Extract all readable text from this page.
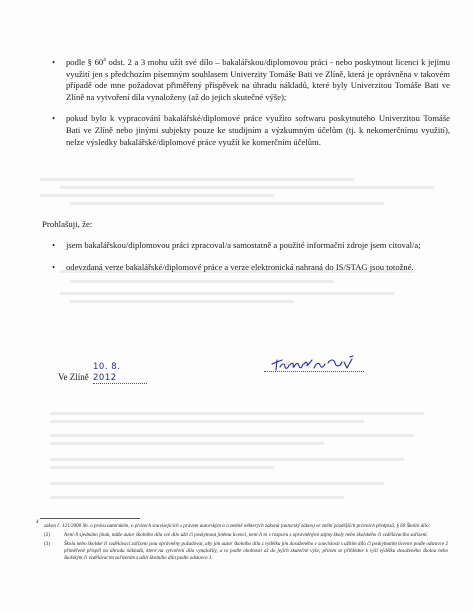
• podle § $60^4$ odst. 2 a 3 mohu užít své dílo – bakalářskou/diplomovou práci - nebo poskytnout licenci k jejímu využití jen s předchozím písemným souhlasem Univerzity Tomáše Bati ve Zlíně, která je oprávněna v takovém případě ode mne požadovat přiměřený příspěvek na úhradu nákladů, které byly Univerzitou Tomáše Bati ve Zlíně na vytvoření díla vynaloženy (až do jejich skutečné výše);
• pokud bylo k vypracování bakalářské/diplomové práce využito softwaru poskytnutého Univerzitou Tomáše Bati ve Zlíně nebo jinými subjekty pouze ke studijním a výzkumným účelům (tj. k nekomerčnímu využití), nelze výsledky bakalářské/diplomové práce využít ke komerčním účelům.
Prohlašuji, že:
• jsem bakalářskou/diplomovou práci zpracoval/a samostatně a použité informační zdroje jsem citoval/a;
• odevzdaná verze bakalářské/diplomové práce a verze elektronická nahraná do IS/STAG jsou totožné.
Ve Zlíně 10. 8. 2012
4
zákon č. 121/2000 Sb. o právu autorském, o právech souvisejících s právem autorským a o změně některých zákonů (autorský zákon) ve znění pozdějších právních předpisů, § 60 Školní dílo:
(2)	Není-li sjednáno jinak, může autor školního díla své dílo užít či poskytnout jinému licenci, není-li to v rozporu s oprávněnými zájmy školy nebo školského či vzdělávacího zařízení.
(3)	Škola nebo školské či vzdělávací zařízení jsou oprávněny požadovat, aby jim autor školního díla z výdělku jím dosaženého v souvislosti s užitím díla či poskytnutím licence podle odstavce 2 přiměřeně přispěl na úhradu nákladů, které na vytvoření díla vynaložily, a to podle okolností až do jejich skutečné výše; přitom se přihlédne k výši výdělku dosaženého školou nebo školským či vzdělávacím zařízením z užití školního díla podle odstavce 1.
